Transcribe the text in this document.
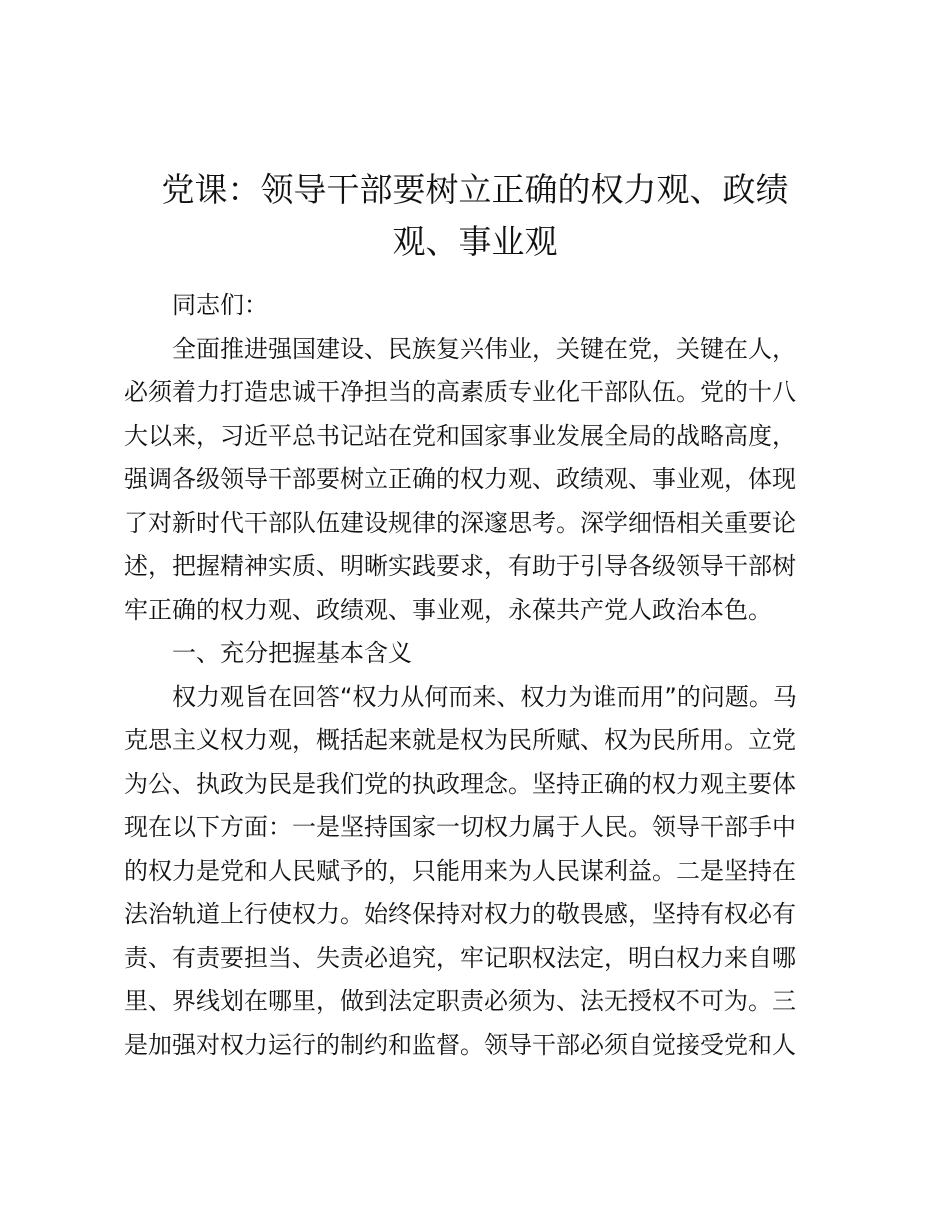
党课：领导干部要树立正确的权力观、政绩
观、事业观
同志们：
全面推进强国建设、民族复兴伟业，关键在党，关键在人，
必须着力打造忠诚干净担当的高素质专业化干部队伍。党的十八
大以来，习近平总书记站在党和国家事业发展全局的战略高度，
强调各级领导干部要树立正确的权力观、政绩观、事业观，体现
了对新时代干部队伍建设规律的深邃思考。深学细悟相关重要论
述，把握精神实质、明晰实践要求，有助于引导各级领导干部树
牢正确的权力观、政绩观、事业观，永葆共产党人政治本色。
一、充分把握基本含义
权力观旨在回答“权力从何而来、权力为谁而用”的问题。马
克思主义权力观，概括起来就是权为民所赋、权为民所用。立党
为公、执政为民是我们党的执政理念。坚持正确的权力观主要体
现在以下方面：一是坚持国家一切权力属于人民。领导干部手中
的权力是党和人民赋予的，只能用来为人民谋利益。二是坚持在
法治轨道上行使权力。始终保持对权力的敬畏感，坚持有权必有
责、有责要担当、失责必追究，牢记职权法定，明白权力来自哪
里、界线划在哪里，做到法定职责必须为、法无授权不可为。三
是加强对权力运行的制约和监督。领导干部必须自觉接受党和人
